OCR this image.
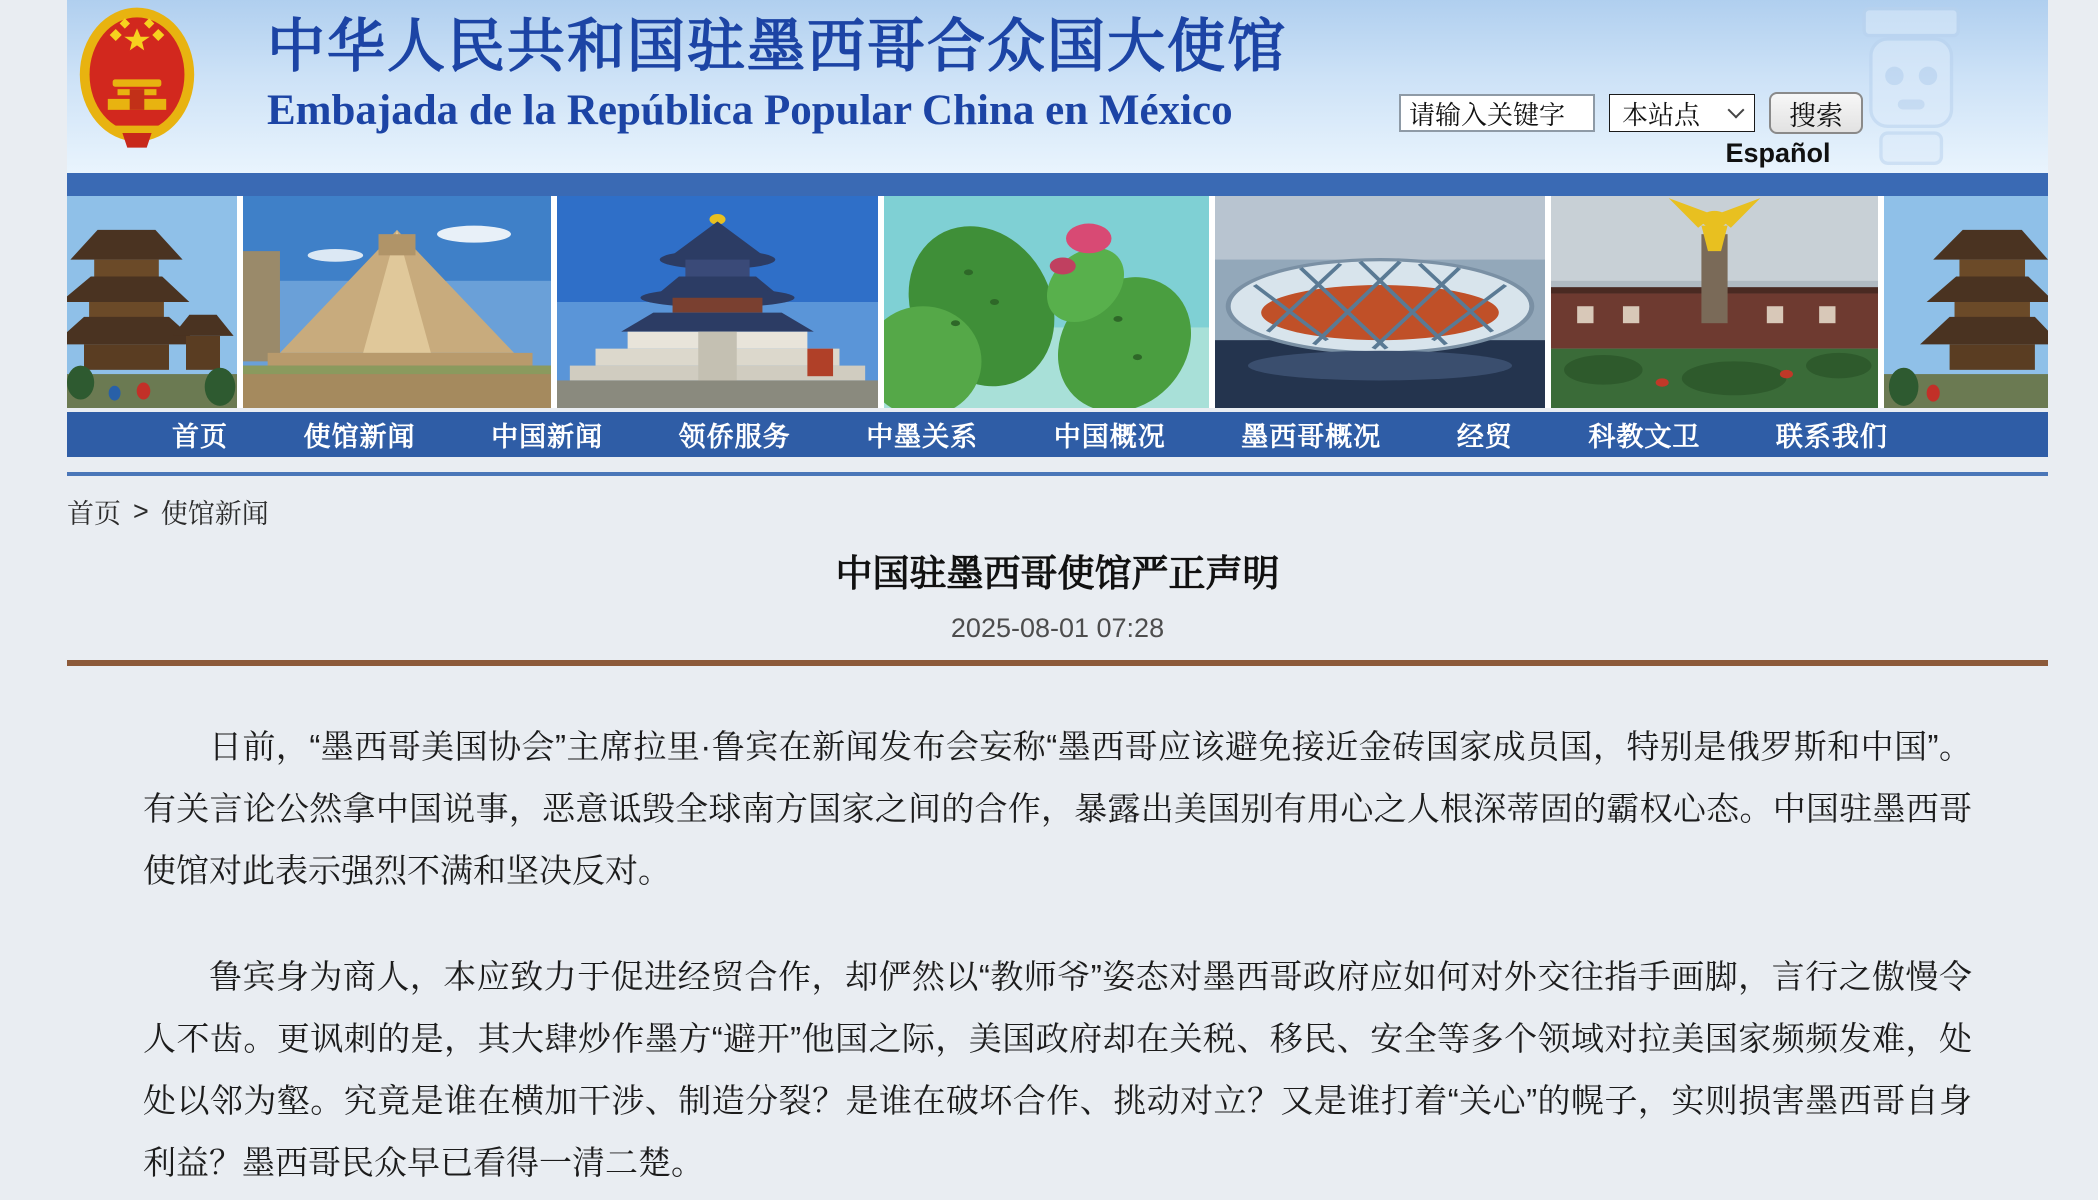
中华人民共和国驻墨西哥合众国大使馆
Embajada de la República Popular China en México
请输入关键字	本站点	搜索
Español
首页	使馆新闻	中国新闻	领侨服务	中墨关系	中国概况	墨西哥概况	经贸	科教文卫	联系我们
首页 > 使馆新闻
中国驻墨西哥使馆严正声明
2025-08-01 07:28

日前，“墨西哥美国协会”主席拉里·鲁宾在新闻发布会妄称“墨西哥应该避免接近金砖国家成员国，特别是俄罗斯和中国”。有关言论公然拿中国说事，恶意诋毁全球南方国家之间的合作，暴露出美国别有用心之人根深蒂固的霸权心态。中国驻墨西哥使馆对此表示强烈不满和坚决反对。

鲁宾身为商人，本应致力于促进经贸合作，却俨然以“教师爷”姿态对墨西哥政府应如何对外交往指手画脚，言行之傲慢令人不齿。更讽刺的是，其大肆炒作墨方“避开”他国之际，美国政府却在关税、移民、安全等多个领域对拉美国家频频发难，处处以邻为壑。究竟是谁在横加干涉、制造分裂？是谁在破坏合作、挑动对立？又是谁打着“关心”的幌子，实则损害墨西哥自身利益？墨西哥民众早已看得一清二楚。
